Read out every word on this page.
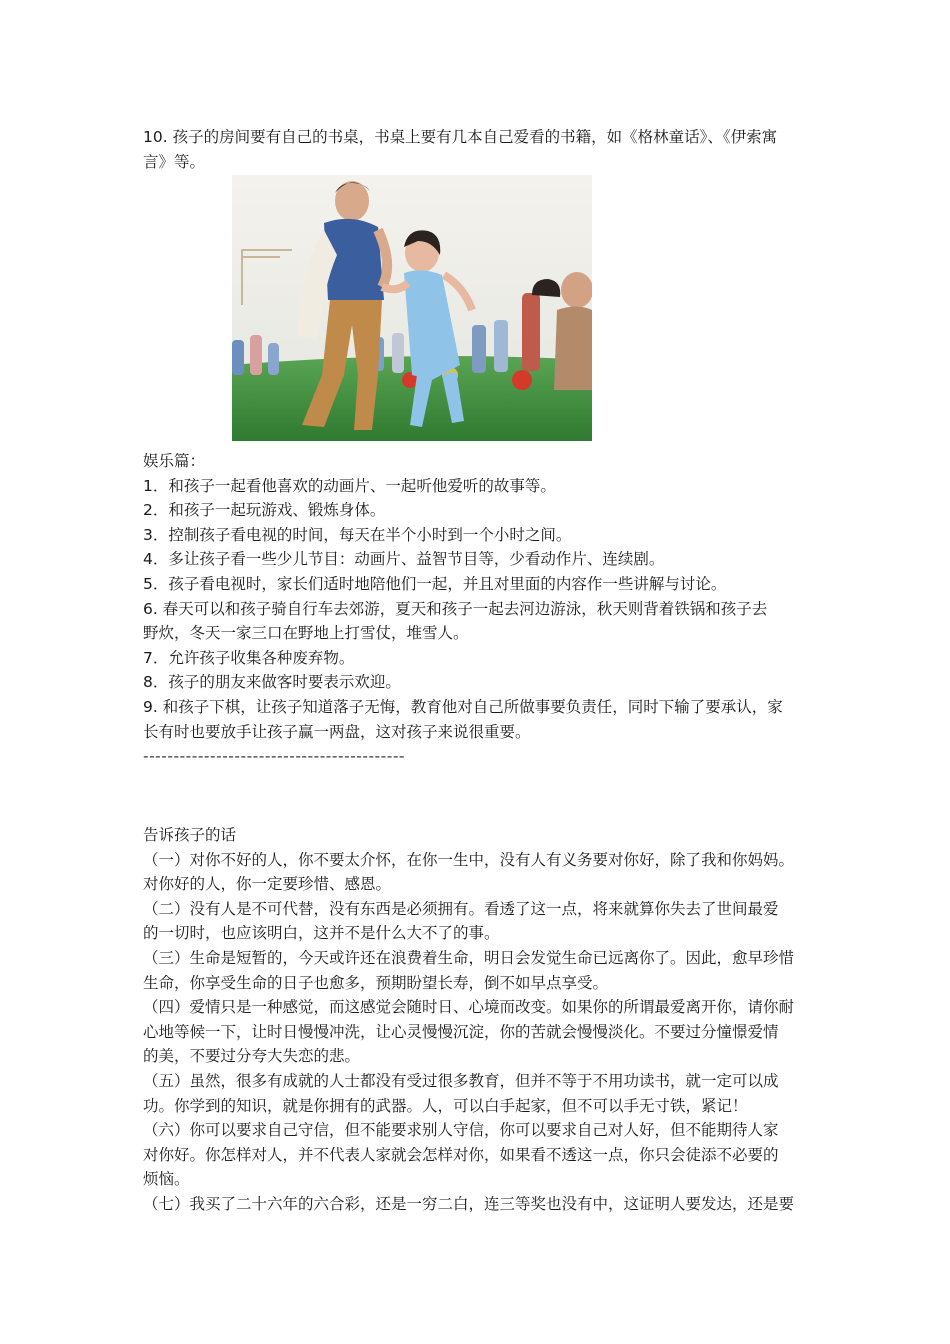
10. 孩子的房间要有自己的书桌，书桌上要有几本自己爱看的书籍，如《格林童话》、《伊索寓
言》等。
娱乐篇：
1．和孩子一起看他喜欢的动画片、一起听他爱听的故事等。
2．和孩子一起玩游戏、锻炼身体。
3．控制孩子看电视的时间，每天在半个小时到一个小时之间。
4．多让孩子看一些少儿节目：动画片、益智节目等，少看动作片、连续剧。
5．孩子看电视时，家长们适时地陪他们一起，并且对里面的内容作一些讲解与讨论。
6. 春天可以和孩子骑自行车去郊游，夏天和孩子一起去河边游泳，秋天则背着铁锅和孩子去
野炊，冬天一家三口在野地上打雪仗，堆雪人。
7．允许孩子收集各种废弃物。
8．孩子的朋友来做客时要表示欢迎。
9. 和孩子下棋，让孩子知道落子无悔，教育他对自己所做事要负责任，同时下输了要承认，家
长有时也要放手让孩子赢一两盘，这对孩子来说很重要。
-------------------------------------------
告诉孩子的话
（一）对你不好的人，你不要太介怀，在你一生中，没有人有义务要对你好，除了我和你妈妈。
对你好的人，你一定要珍惜、感恩。
（二）没有人是不可代替，没有东西是必须拥有。看透了这一点，将来就算你失去了世间最爱
的一切时，也应该明白，这并不是什么大不了的事。
（三）生命是短暂的，今天或许还在浪费着生命，明日会发觉生命已远离你了。因此，愈早珍惜
生命，你享受生命的日子也愈多，预期盼望长寿，倒不如早点享受。
（四）爱情只是一种感觉，而这感觉会随时日、心境而改变。如果你的所谓最爱离开你，请你耐
心地等候一下，让时日慢慢冲洗，让心灵慢慢沉淀，你的苦就会慢慢淡化。不要过分憧憬爱情
的美，不要过分夸大失恋的悲。
（五）虽然，很多有成就的人士都没有受过很多教育，但并不等于不用功读书，就一定可以成
功。你学到的知识，就是你拥有的武器。人，可以白手起家，但不可以手无寸铁，紧记！
（六）你可以要求自己守信，但不能要求别人守信，你可以要求自己对人好，但不能期待人家
对你好。你怎样对人，并不代表人家就会怎样对你，如果看不透这一点，你只会徒添不必要的
烦恼。
（七）我买了二十六年的六合彩，还是一穷二白，连三等奖也没有中，这证明人要发达，还是要
